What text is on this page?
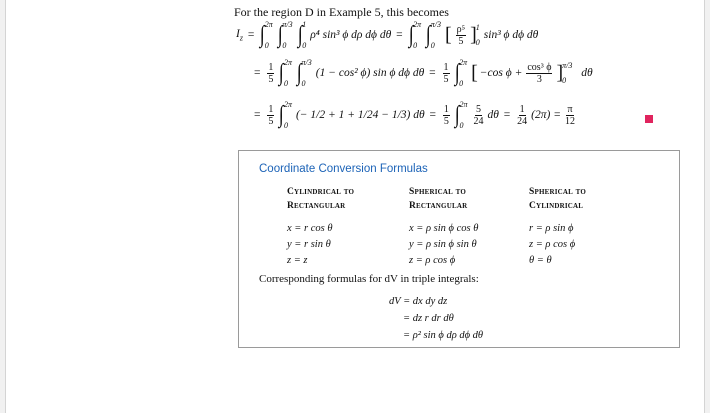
For the region D in Example 5, this becomes
$I_z$ = ∫ 2π
0 ∫ π/3
0 ∫ 1
0
ρ⁴ sin³ ϕ dρ dϕ dθ = ∫ 2π
0 ∫ π/3
0 [ $\frac{\text{ρ⁵}}{5}$ ] 1
0
sin³ ϕ dϕ dθ
= $\frac{1}{5}$ ∫ 2π
0 ∫ π/3
0
(1 − cos² ϕ) sin ϕ dϕ $d\theta = \frac{1}{5}$ ∫ 2π
0 [ −cos $\phi + \frac{\text{cos³ ϕ}}{3}$ ] π/3
0

dθ
= $\frac{1}{5}$ ∫ 2π
0
(− 1/2 + 1 + 1/24 − 1/3) $d\theta = \frac{1}{5}$ ∫ 2π
0	$\frac{5}{24}$ $d\theta = \frac{1}{24} (2\pi) = \frac{\pi}{12}$
Coordinate Conversion Formulas
Cylindrical to
Rectangular
Spherical to
Rectangular
Spherical to
Cylindrical
x = r cos θ
y = r sin θ
z = z
x = ρ sin ϕ cos θ
y = ρ sin ϕ sin θ
z = ρ cos ϕ
r = ρ sin ϕ
z = ρ cos ϕ
θ = θ
Corresponding formulas for dV in triple integrals:
dV = dx dy dz
= dz r dr dθ
= ρ² sin ϕ dρ dϕ dθ
